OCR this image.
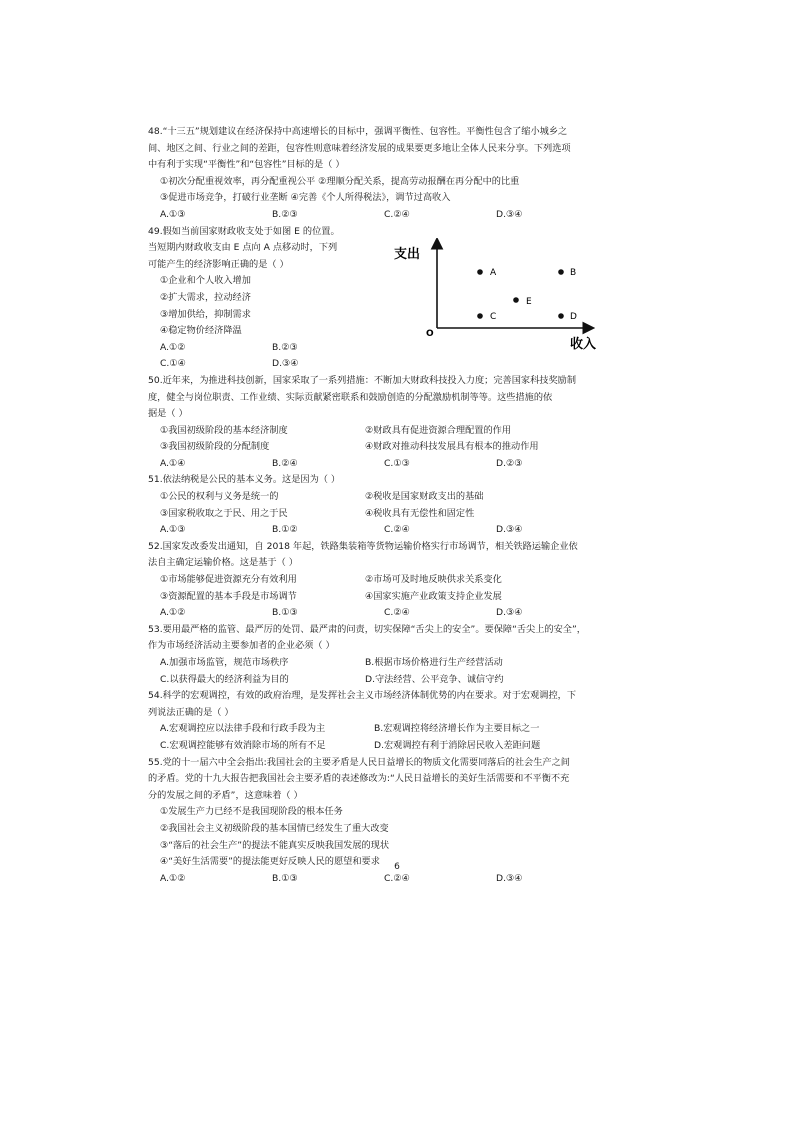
48.“十三五”规划建议在经济保持中高速增长的目标中，强调平衡性、包容性。平衡性包含了缩小城乡之
间、地区之间、行业之间的差距，包容性则意味着经济发展的成果要更多地让全体人民来分享。下列选项
中有利于实现“平衡性”和“包容性”目标的是（ ）
①初次分配重视效率，再分配重视公平 ②理顺分配关系，提高劳动报酬在再分配中的比重
③促进市场竞争，打破行业垄断 ④完善《个人所得税法》，调节过高收入
A.①③	B.②③	C.②④	D.③④
49.假如当前国家财政收支处于如图 E 的位置。
当短期内财政收支由 E 点向 A 点移动时，下列
可能产生的经济影响正确的是（ ）
①企业和个人收入增加
②扩大需求，拉动经济
③增加供给，抑制需求
④稳定物价经济降温
A.①②	B.②③
C.①④	D.③④
支出
O
收入
A	B
C	D
E
50.近年来，为推进科技创新，国家采取了一系列措施：不断加大财政科技投入力度；完善国家科技奖励制
度，健全与岗位职责、工作业绩、实际贡献紧密联系和鼓励创造的分配激励机制等等。这些措施的依
据是（ ）
①我国初级阶段的基本经济制度	②财政具有促进资源合理配置的作用
③我国初级阶段的分配制度	④财政对推动科技发展具有根本的推动作用
A.①④	B.②④	C.①③	D.②③
51.依法纳税是公民的基本义务。这是因为（ ）
①公民的权利与义务是统一的	②税收是国家财政支出的基础
③国家税收取之于民、用之于民	④税收具有无偿性和固定性
A.①③	B.①②	C.②④	D.③④
52.国家发改委发出通知，自 2018 年起，铁路集装箱等货物运输价格实行市场调节，相关铁路运输企业依
法自主确定运输价格。这是基于（ ）
①市场能够促进资源充分有效利用	②市场可及时地反映供求关系变化
③资源配置的基本手段是市场调节	④国家实施产业政策支持企业发展
A.①②	B.①③	C.②④	D.③④
53.要用最严格的监管、最严厉的处罚、最严肃的问责，切实保障“舌尖上的安全”。要保障“舌尖上的安全”，
作为市场经济活动主要参加者的企业必须（ ）
A.加强市场监管，规范市场秩序	B.根据市场价格进行生产经营活动
C.以获得最大的经济利益为目的	D.守法经营、公平竞争、诚信守约
54.科学的宏观调控，有效的政府治理，是发挥社会主义市场经济体制优势的内在要求。对于宏观调控，下
列说法正确的是（ ）
A.宏观调控应以法律手段和行政手段为主	B.宏观调控将经济增长作为主要目标之一
C.宏观调控能够有效消除市场的所有不足	D.宏观调控有利于消除居民收入差距问题
55.党的十一届六中全会指出:我国社会的主要矛盾是人民日益增长的物质文化需要同落后的社会生产之间
的矛盾。党的十九大报告把我国社会主要矛盾的表述修改为:“人民日益增长的美好生活需要和不平衡不充
分的发展之间的矛盾”，这意味着（ ）
①发展生产力已经不是我国现阶段的根本任务
②我国社会主义初级阶段的基本国情已经发生了重大改变
③“落后的社会生产”的提法不能真实反映我国发展的现状
④“美好生活需要”的提法能更好反映人民的愿望和要求
A.①②	B.①③	C.②④	D.③④
6
